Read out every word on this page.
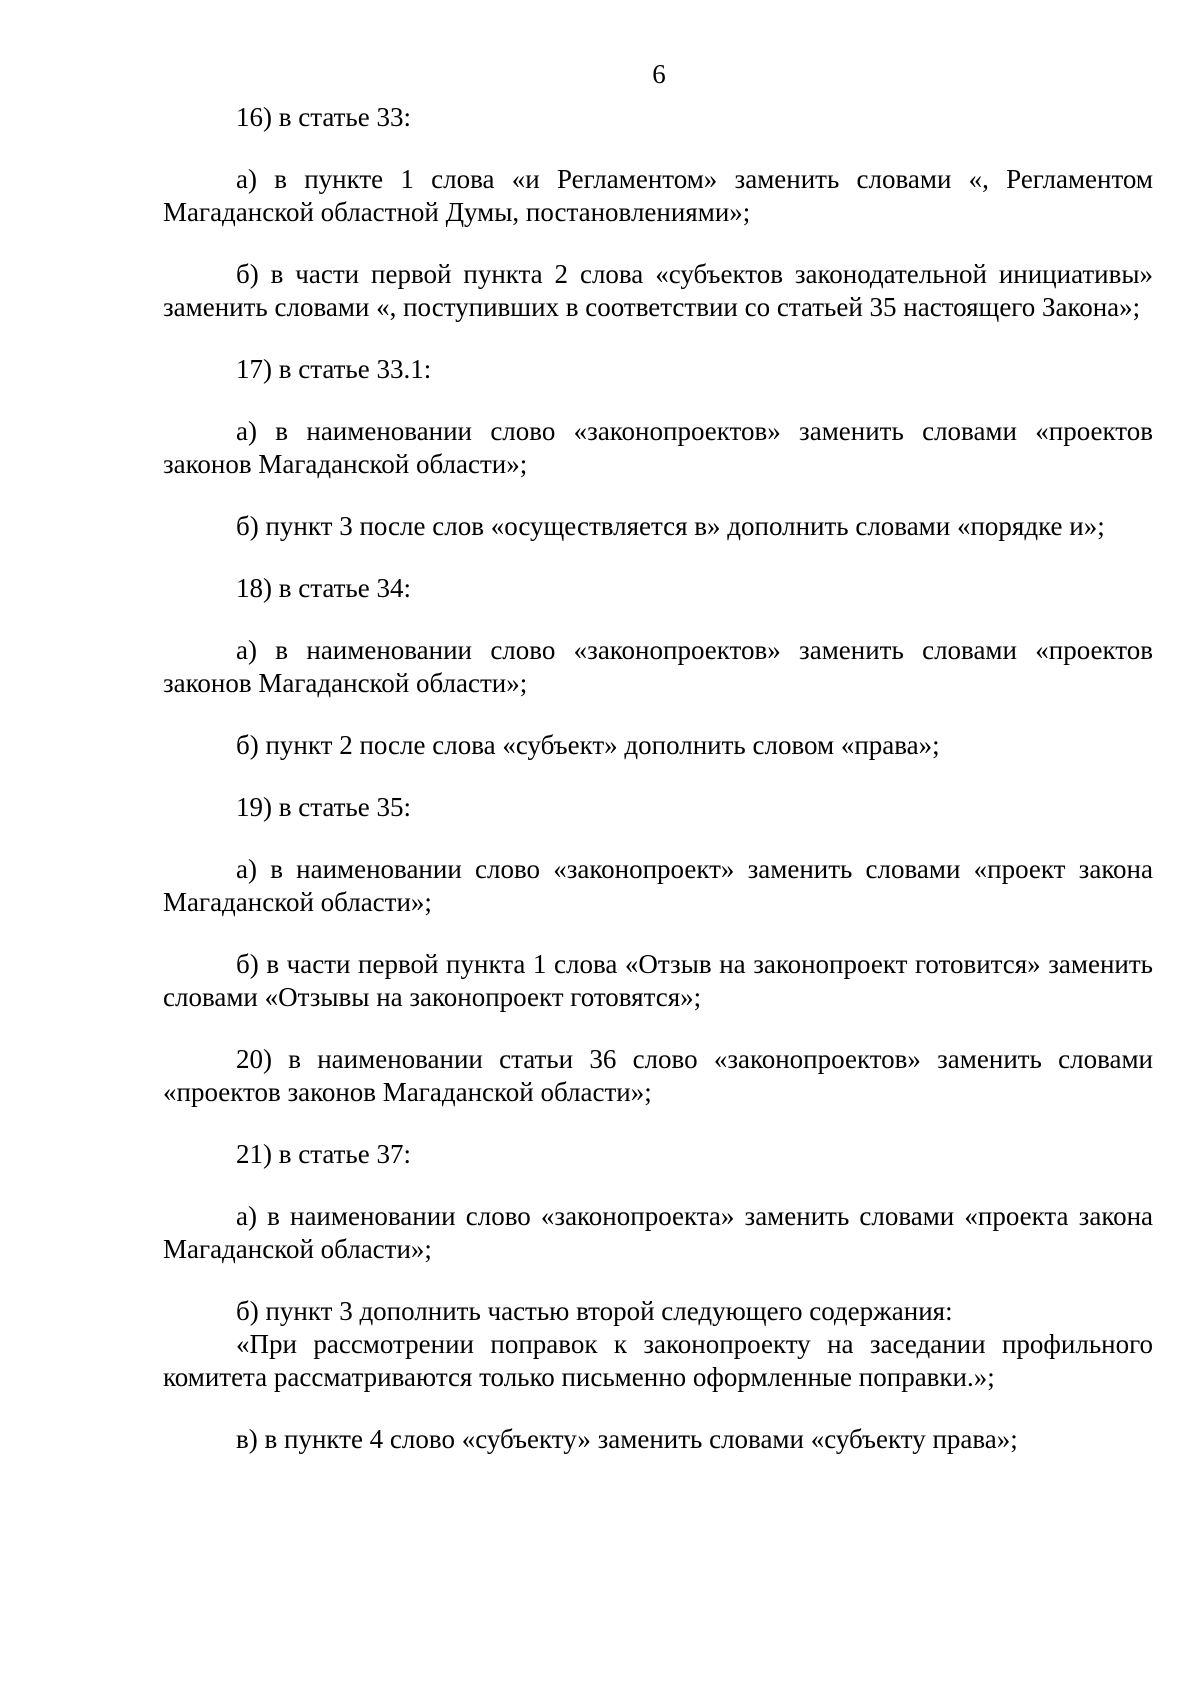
6

16) в статье 33:

а) в пункте 1 слова «и Регламентом» заменить словами «, Регламентом Магаданской областной Думы, постановлениями»;

б) в части первой пункта 2 слова «субъектов законодательной инициативы» заменить словами «, поступивших в соответствии со статьей 35 настоящего Закона»;

17) в статье 33.1:

а) в наименовании слово «законопроектов» заменить словами «проектов законов Магаданской области»;

б) пункт 3 после слов «осуществляется в» дополнить словами «порядке и»;

18) в статье 34:

а) в наименовании слово «законопроектов» заменить словами «проектов законов Магаданской области»;

б) пункт 2 после слова «субъект» дополнить словом «права»;

19) в статье 35:

а) в наименовании слово «законопроект» заменить словами «проект закона Магаданской области»;

б) в части первой пункта 1 слова «Отзыв на законопроект готовится» заменить словами «Отзывы на законопроект готовятся»;

20) в наименовании статьи 36 слово «законопроектов» заменить словами «проектов законов Магаданской области»;

21) в статье 37:

а) в наименовании слово «законопроекта» заменить словами «проекта закона Магаданской области»;

б) пункт 3 дополнить частью второй следующего содержания:

«При рассмотрении поправок к законопроекту на заседании профильного комитета рассматриваются только письменно оформленные поправки.»;

в) в пункте 4 слово «субъекту» заменить словами «субъекту права»;
